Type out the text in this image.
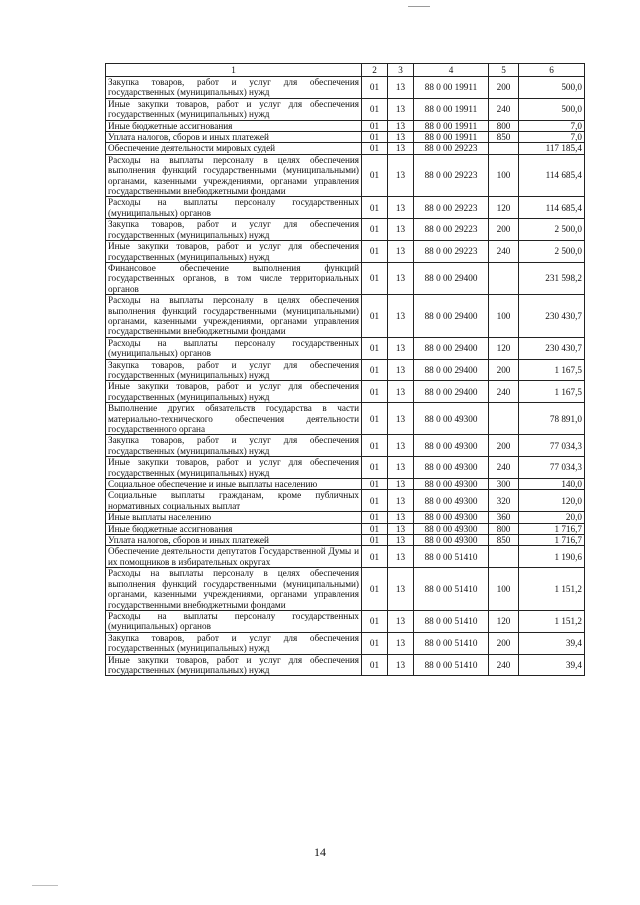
1	2	3	4	5	6
Закупка товаров, работ и услуг для обеспечения государственных (муниципальных) нужд	01	13	88 0 00 19911	200	500,0
Иные закупки товаров, работ и услуг для обеспечения государственных (муниципальных) нужд	01	13	88 0 00 19911	240	500,0
Иные бюджетные ассигнования	01	13	88 0 00 19911	800	7,0
Уплата налогов, сборов и иных платежей	01	13	88 0 00 19911	850	7,0
Обеспечение деятельности мировых судей	01	13	88 0 00 29223		117 185,4
Расходы на выплаты персоналу в целях обеспечения выполнения функций государственными (муниципальными) органами, казенными учреждениями, органами управления государственными внебюджетными фондами	01	13	88 0 00 29223	100	114 685,4
Расходы на выплаты персоналу государственных (муниципальных) органов	01	13	88 0 00 29223	120	114 685,4
Закупка товаров, работ и услуг для обеспечения государственных (муниципальных) нужд	01	13	88 0 00 29223	200	2 500,0
Иные закупки товаров, работ и услуг для обеспечения государственных (муниципальных) нужд	01	13	88 0 00 29223	240	2 500,0
Финансовое обеспечение выполнения функций государственных органов, в том числе территориальных органов	01	13	88 0 00 29400		231 598,2
Расходы на выплаты персоналу в целях обеспечения выполнения функций государственными (муниципальными) органами, казенными учреждениями, органами управления государственными внебюджетными фондами	01	13	88 0 00 29400	100	230 430,7
Расходы на выплаты персоналу государственных (муниципальных) органов	01	13	88 0 00 29400	120	230 430,7
Закупка товаров, работ и услуг для обеспечения государственных (муниципальных) нужд	01	13	88 0 00 29400	200	1 167,5
Иные закупки товаров, работ и услуг для обеспечения государственных (муниципальных) нужд	01	13	88 0 00 29400	240	1 167,5
Выполнение других обязательств государства в части материально-технического обеспечения деятельности государственного органа	01	13	88 0 00 49300		78 891,0
Закупка товаров, работ и услуг для обеспечения государственных (муниципальных) нужд	01	13	88 0 00 49300	200	77 034,3
Иные закупки товаров, работ и услуг для обеспечения государственных (муниципальных) нужд	01	13	88 0 00 49300	240	77 034,3
Социальное обеспечение и иные выплаты населению	01	13	88 0 00 49300	300	140,0
Социальные выплаты гражданам, кроме публичных нормативных социальных выплат	01	13	88 0 00 49300	320	120,0
Иные выплаты населению	01	13	88 0 00 49300	360	20,0
Иные бюджетные ассигнования	01	13	88 0 00 49300	800	1 716,7
Уплата налогов, сборов и иных платежей	01	13	88 0 00 49300	850	1 716,7
Обеспечение деятельности депутатов Государственной Думы и их помощников в избирательных округах	01	13	88 0 00 51410		1 190,6
Расходы на выплаты персоналу в целях обеспечения выполнения функций государственными (муниципальными) органами, казенными учреждениями, органами управления государственными внебюджетными фондами	01	13	88 0 00 51410	100	1 151,2
Расходы на выплаты персоналу государственных (муниципальных) органов	01	13	88 0 00 51410	120	1 151,2
Закупка товаров, работ и услуг для обеспечения государственных (муниципальных) нужд	01	13	88 0 00 51410	200	39,4
Иные закупки товаров, работ и услуг для обеспечения государственных (муниципальных) нужд	01	13	88 0 00 51410	240	39,4
14
